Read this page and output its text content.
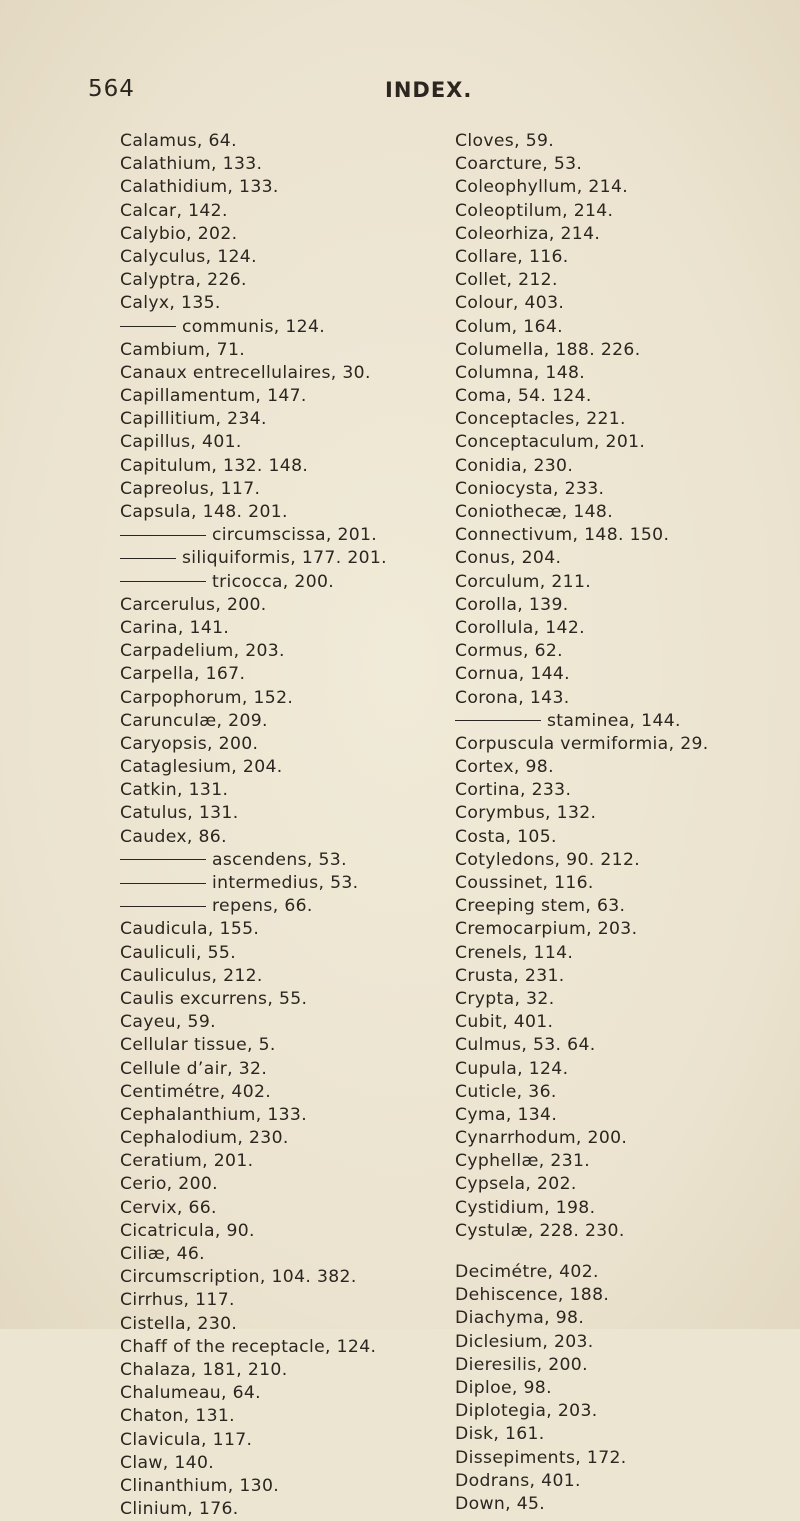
564	INDEX.
Calamus, 64.
Calathium, 133.
Calathidium, 133.
Calcar, 142.
Calybio, 202.
Calyculus, 124.
Calyptra, 226.
Calyx, 135.
communis, 124.
Cambium, 71.
Canaux entrecellulaires, 30.
Capillamentum, 147.
Capillitium, 234.
Capillus, 401.
Capitulum, 132. 148.
Capreolus, 117.
Capsula, 148. 201.
circumscissa, 201.
siliquiformis, 177. 201.
tricocca, 200.
Carcerulus, 200.
Carina, 141.
Carpadelium, 203.
Carpella, 167.
Carpophorum, 152.
Carunculæ, 209.
Caryopsis, 200.
Cataglesium, 204.
Catkin, 131.
Catulus, 131.
Caudex, 86.
ascendens, 53.
intermedius, 53.
repens, 66.
Caudicula, 155.
Cauliculi, 55.
Cauliculus, 212.
Caulis excurrens, 55.
Cayeu, 59.
Cellular tissue, 5.
Cellule d’air, 32.
Centimétre, 402.
Cephalanthium, 133.
Cephalodium, 230.
Ceratium, 201.
Cerio, 200.
Cervix, 66.
Cicatricula, 90.
Ciliæ, 46.
Circumscription, 104. 382.
Cirrhus, 117.
Cistella, 230.
Chaff of the receptacle, 124.
Chalaza, 181, 210.
Chalumeau, 64.
Chaton, 131.
Clavicula, 117.
Claw, 140.
Clinanthium, 130.
Clinium, 176.
Cloves, 59.
Coarcture, 53.
Coleophyllum, 214.
Coleoptilum, 214.
Coleorhiza, 214.
Collare, 116.
Collet, 212.
Colour, 403.
Colum, 164.
Columella, 188. 226.
Columna, 148.
Coma, 54. 124.
Conceptacles, 221.
Conceptaculum, 201.
Conidia, 230.
Coniocysta, 233.
Coniothecæ, 148.
Connectivum, 148. 150.
Conus, 204.
Corculum, 211.
Corolla, 139.
Corollula, 142.
Cormus, 62.
Cornua, 144.
Corona, 143.
staminea, 144.
Corpuscula vermiformia, 29.
Cortex, 98.
Cortina, 233.
Corymbus, 132.
Costa, 105.
Cotyledons, 90. 212.
Coussinet, 116.
Creeping stem, 63.
Cremocarpium, 203.
Crenels, 114.
Crusta, 231.
Crypta, 32.
Cubit, 401.
Culmus, 53. 64.
Cupula, 124.
Cuticle, 36.
Cyma, 134.
Cynarrhodum, 200.
Cyphellæ, 231.
Cypsela, 202.
Cystidium, 198.
Cystulæ, 228. 230.
Decimétre, 402.
Dehiscence, 188.
Diachyma, 98.
Diclesium, 203.
Dieresilis, 200.
Diploe, 98.
Diplotegia, 203.
Disk, 161.
Dissepiments, 172.
Dodrans, 401.
Down, 45.
